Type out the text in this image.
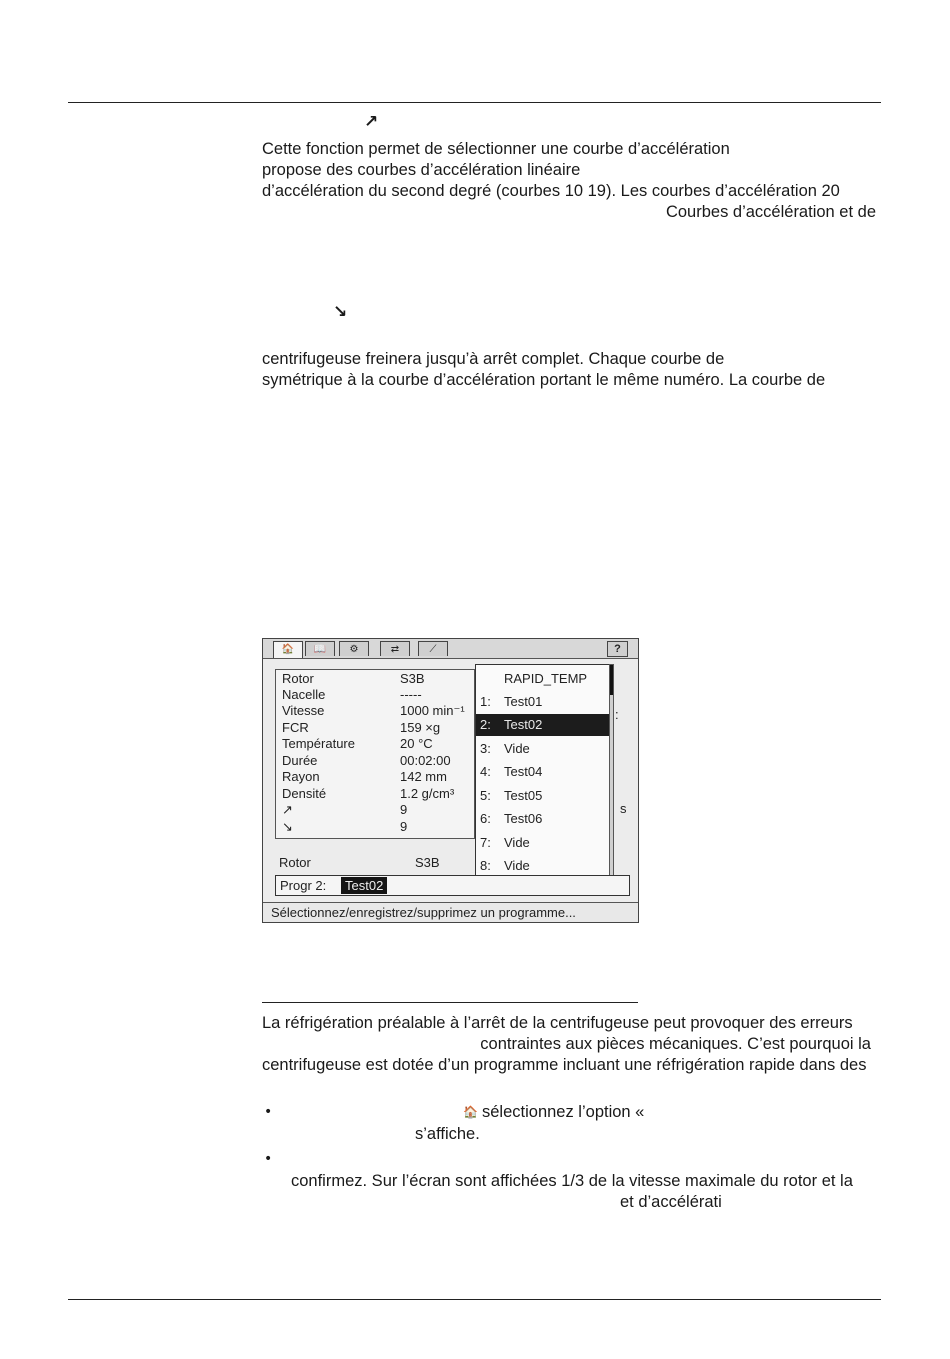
↗
Cette fonction permet de sélectionner une courbe d’accélération
propose des courbes d’accélération linéaire
d’accélération du second degré (courbes 10 19). Les courbes d’accélération 20
Courbes d’accélération et de
↘
centrifugeuse freinera jusqu’à arrêt complet. Chaque courbe de
symétrique à la courbe d’accélération portant le même numéro. La courbe de
🏠	📖	⚙	⇄	⟋	?
Rotor	S3B
Nacelle	-----
Vitesse	1000 min⁻¹
FCR	159 ×g
Température	20 °C
Durée	00:02:00
Rayon	142 mm
Densité	1.2 g/cm³
↗	9
↘	9
:
s
RAPID_TEMP
1: Test01
2: Test02
3: Vide
4: Test04
5: Test05
6: Test06
7: Vide
8: Vide
Rotor	S3B
Progr 2:	Test02
Sélectionnez/enregistrez/supprimez un programme...
La réfrigération préalable à l’arrêt de la centrifugeuse peut provoquer des erreurs
contraintes aux pièces mécaniques. C’est pourquoi la
centrifugeuse est dotée d’un programme incluant une réfrigération rapide dans des
•	🏠 sélectionnez l’option «
s’affiche.
•
confirmez. Sur l’écran sont affichées 1/3 de la vitesse maximale du rotor et la
et d’accélérati
